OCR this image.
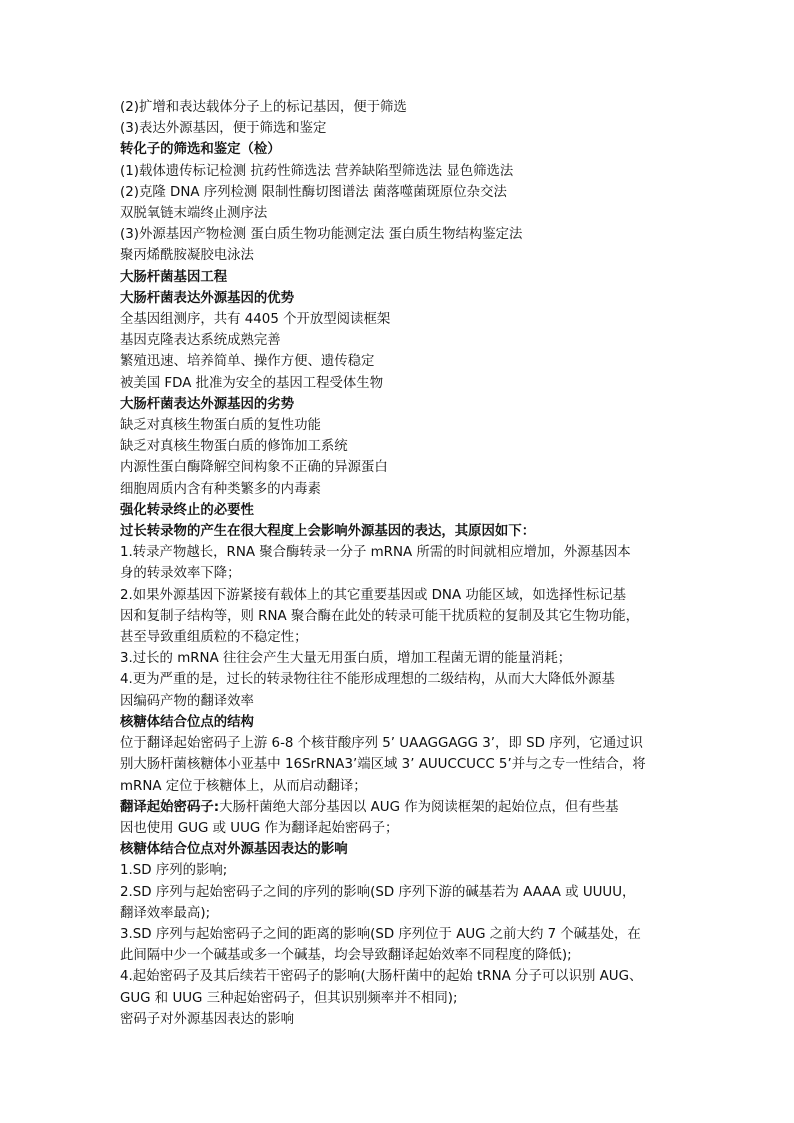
(2)扩增和表达载体分子上的标记基因，便于筛选
(3)表达外源基因，便于筛选和鉴定
转化子的筛选和鉴定（检）
(1)载体遗传标记检测 抗药性筛选法 营养缺陷型筛选法 显色筛选法
(2)克隆 DNA 序列检测 限制性酶切图谱法 菌落噬菌斑原位杂交法
双脱氧链末端终止测序法
(3)外源基因产物检测 蛋白质生物功能测定法 蛋白质生物结构鉴定法
聚丙烯酰胺凝胶电泳法
大肠杆菌基因工程
大肠杆菌表达外源基因的优势
全基因组测序，共有 4405 个开放型阅读框架
基因克隆表达系统成熟完善
繁殖迅速、培养简单、操作方便、遗传稳定
被美国 FDA 批准为安全的基因工程受体生物
大肠杆菌表达外源基因的劣势
缺乏对真核生物蛋白质的复性功能
缺乏对真核生物蛋白质的修饰加工系统
内源性蛋白酶降解空间构象不正确的异源蛋白
细胞周质内含有种类繁多的内毒素
强化转录终止的必要性
过长转录物的产生在很大程度上会影响外源基因的表达，其原因如下：
1.转录产物越长，RNA 聚合酶转录一分子 mRNA 所需的时间就相应增加，外源基因本
身的转录效率下降；
2.如果外源基因下游紧接有载体上的其它重要基因或 DNA 功能区域，如选择性标记基
因和复制子结构等，则 RNA 聚合酶在此处的转录可能干扰质粒的复制及其它生物功能，
甚至导致重组质粒的不稳定性；
3.过长的 mRNA 往往会产生大量无用蛋白质，增加工程菌无谓的能量消耗；
4.更为严重的是，过长的转录物往往不能形成理想的二级结构，从而大大降低外源基
因编码产物的翻译效率
核糖体结合位点的结构
位于翻译起始密码子上游 6-8 个核苷酸序列 5’ UAAGGAGG 3’，即 SD 序列，它通过识
别大肠杆菌核糖体小亚基中 16SrRNA3’端区域 3’ AUUCCUCC 5’并与之专一性结合，将
mRNA 定位于核糖体上，从而启动翻译；
翻译起始密码子:大肠杆菌绝大部分基因以 AUG 作为阅读框架的起始位点，但有些基
因也使用 GUG 或 UUG 作为翻译起始密码子；
核糖体结合位点对外源基因表达的影响
1.SD 序列的影响;
2.SD 序列与起始密码子之间的序列的影响(SD 序列下游的碱基若为 AAAA 或 UUUU，
翻译效率最高);
3.SD 序列与起始密码子之间的距离的影响(SD 序列位于 AUG 之前大约 7 个碱基处，在
此间隔中少一个碱基或多一个碱基，均会导致翻译起始效率不同程度的降低);
4.起始密码子及其后续若干密码子的影响(大肠杆菌中的起始 tRNA 分子可以识别 AUG、
GUG 和 UUG 三种起始密码子，但其识别频率并不相同);
密码子对外源基因表达的影响
